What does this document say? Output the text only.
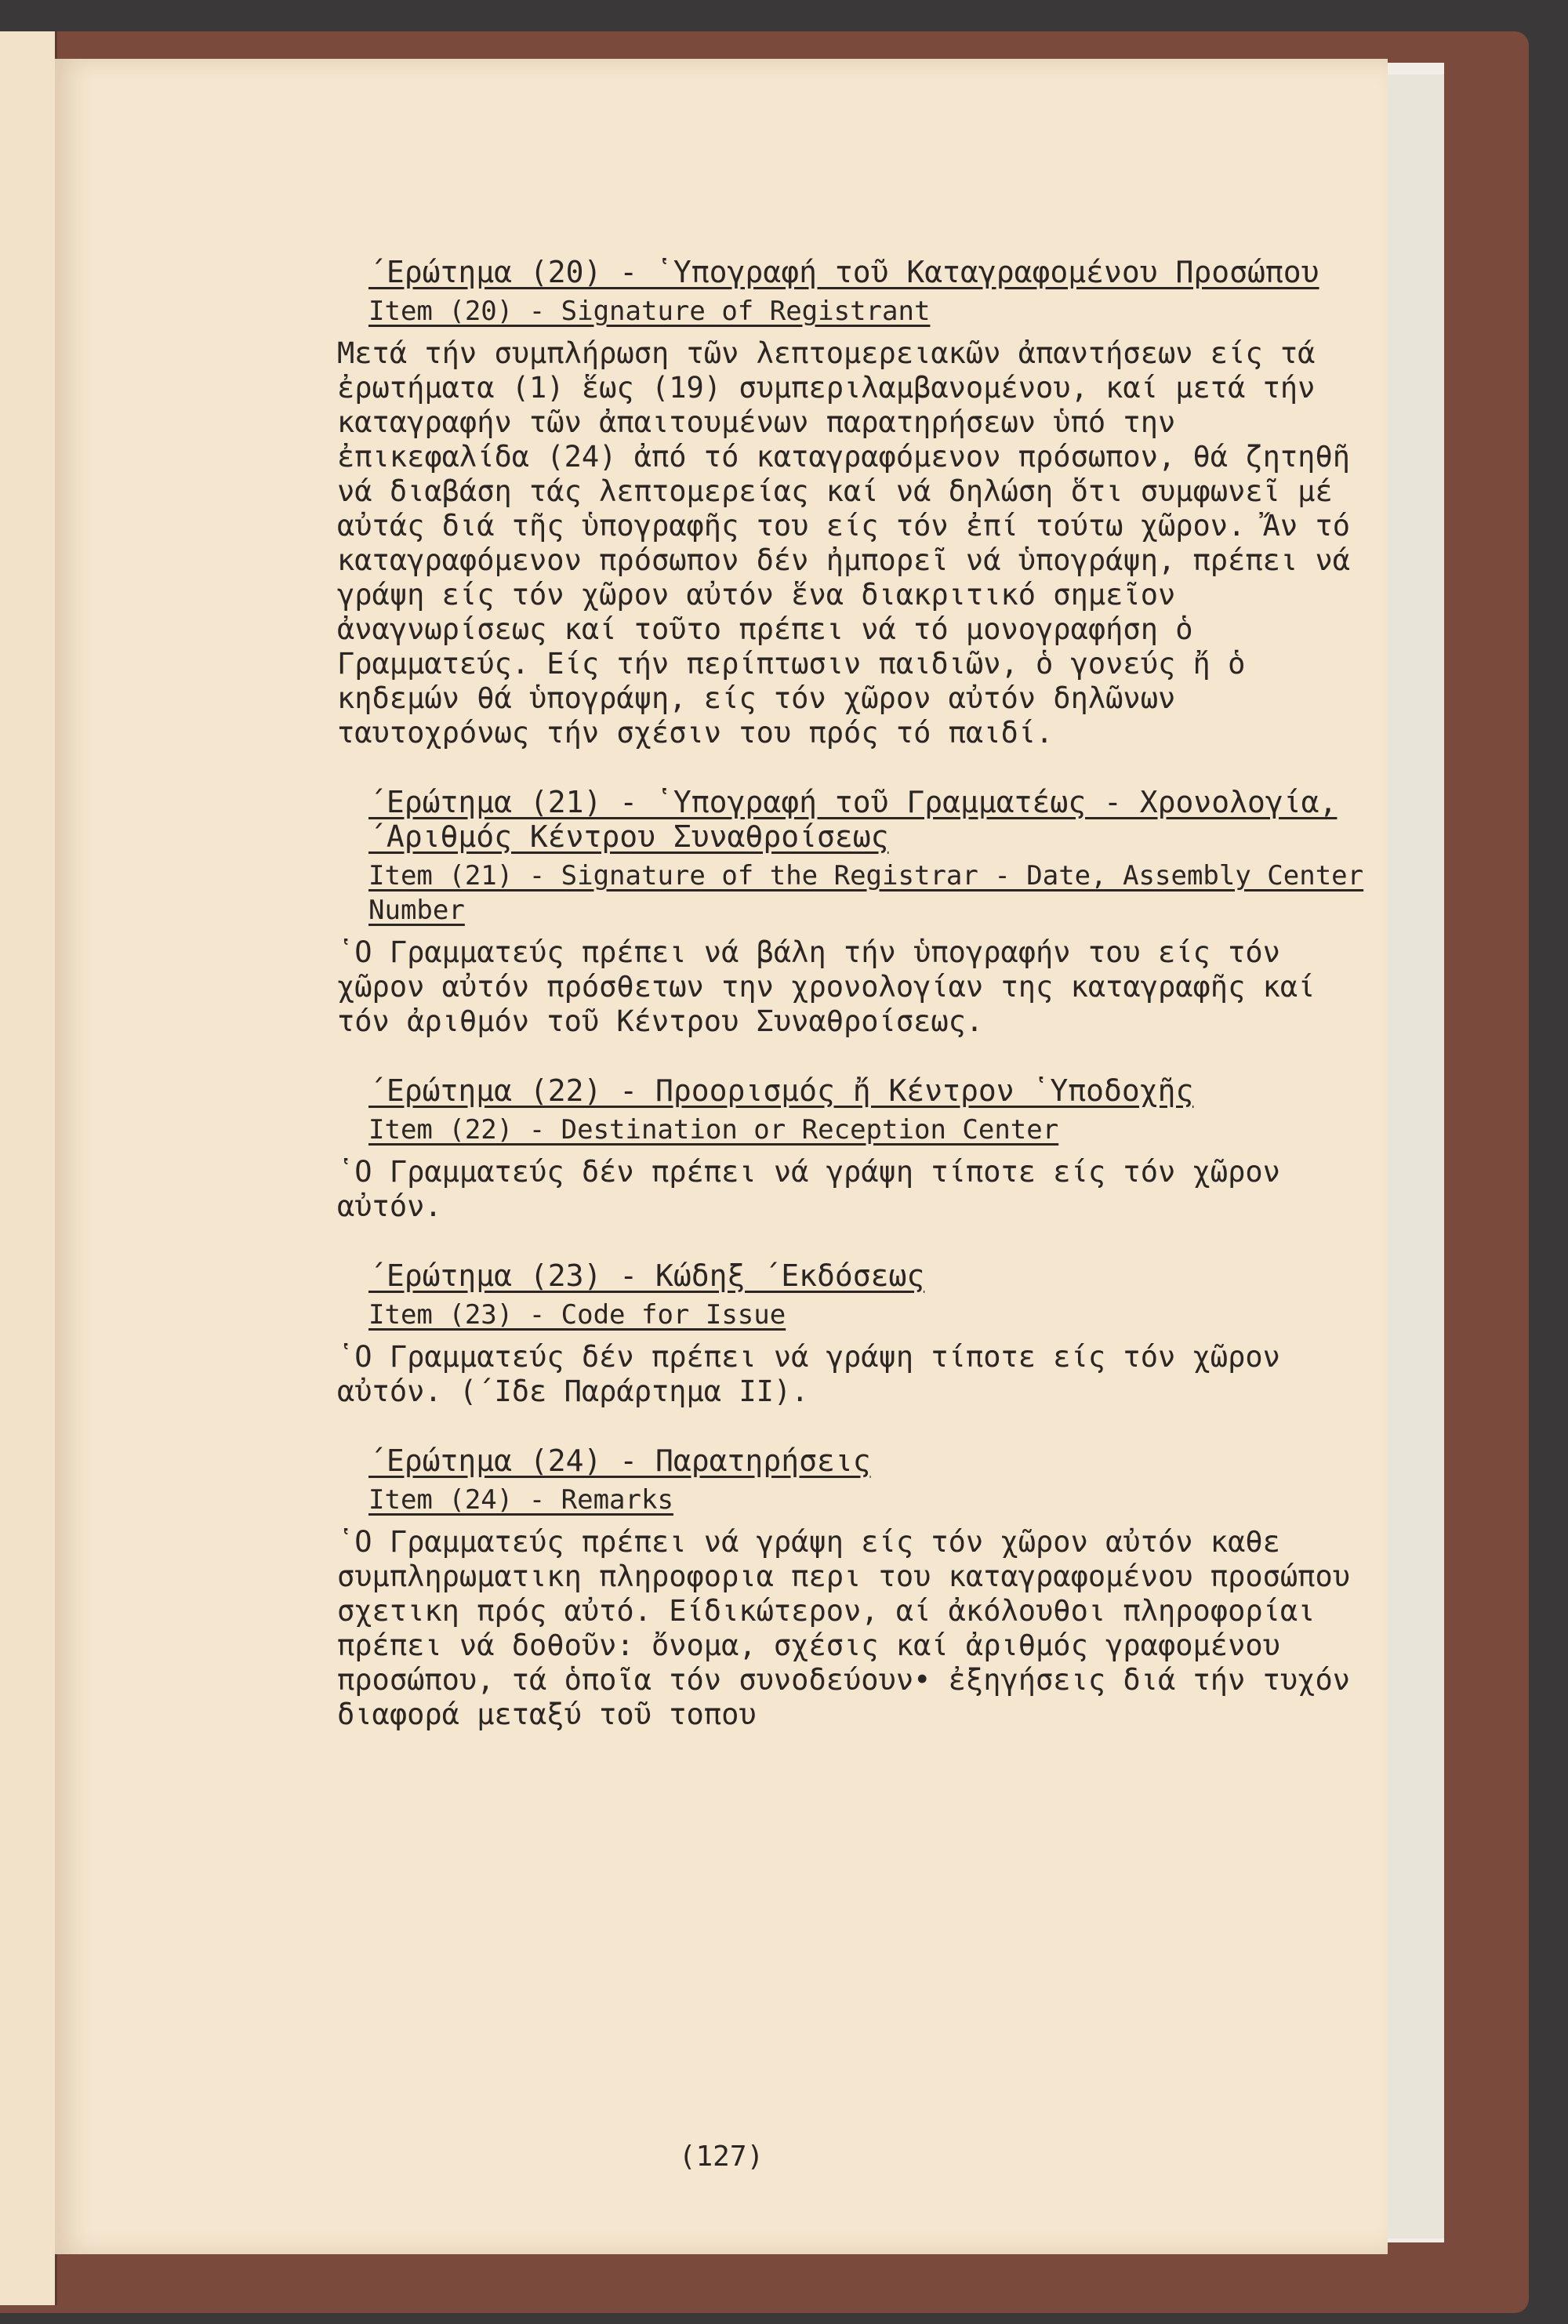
΄Ερώτημα (20) - ῾Υπογραφή τοῦ Καταγραφομένου Προσώπου

Item (20) - Signature of Registrant

Μετά τήν συμπλήρωση τῶν λεπτομερειακῶν ἀπαντήσεων είς τά ἐρωτήματα (1) ἕως (19) συμπεριλαμβανομένου, καί μετά τήν καταγραφήν τῶν ἀπαιτουμένων παρατηρήσεων ὑπό την ἐπικεφαλίδα (24) ἀπό τό καταγραφόμενον πρόσωπον, θά ζητηθῆ νά διαβάση τάς λεπτομερείας καί νά δηλώση ὅτι συμφωνεῖ μέ αὐτάς διά τῆς ὑπογραφῆς του είς τόν ἐπί τούτω χῶρον. Ἄν τό καταγραφόμενον πρόσωπον δέν ἠμπορεῖ νά ὑπογράψη, πρέπει νά γράψη είς τόν χῶρον αὐτόν ἕνα διακριτικό σημεῖον ἀναγνωρίσεως καί τοῦτο πρέπει νά τό μονογραφήση ὁ Γραμματεύς. Είς τήν περίπτωσιν παιδιῶν, ὁ γονεύς ἤ ὁ κηδεμών θά ὑπογράψη, είς τόν χῶρον αὐτόν δηλῶνων ταυτοχρόνως τήν σχέσιν του πρός τό παιδί.

΄Ερώτημα (21) - ῾Υπογραφή τοῦ Γραμματέως - Χρονολογία, ΄Αριθμός Κέντρου Συναθροίσεως

Item (21) - Signature of the Registrar - Date, Assembly Center Number

῾Ο Γραμματεύς πρέπει νά βάλη τήν ὑπογραφήν του είς τόν χῶρον αὐτόν πρόσθετων την χρονολογίαν της καταγραφῆς καί τόν ἀριθμόν τοῦ Κέντρου Συναθροίσεως.

΄Ερώτημα (22) - Προορισμός ἤ Κέντρον ῾Υποδοχῆς

Item (22) - Destination or Reception Center

῾Ο Γραμματεύς δέν πρέπει νά γράψη τίποτε είς τόν χῶρον αὐτόν.

΄Ερώτημα (23) - Κώδηξ ΄Εκδόσεως

Item (23) - Code for Issue

῾Ο Γραμματεύς δέν πρέπει νά γράψη τίποτε είς τόν χῶρον αὐτόν. (΄Ιδε Παράρτημα ΙΙ).

΄Ερώτημα (24) - Παρατηρήσεις

Item (24) - Remarks

῾Ο Γραμματεύς πρέπει νά γράψη είς τόν χῶρον αὐτόν καθε συμπληρωματικη πληροφορια περι του καταγραφομένου προσώπου σχετικη πρός αὐτό. Είδικώτερον, αί ἀκόλουθοι πληροφορίαι πρέπει νά δοθοῦν: ὄνομα, σχέσις καί ἀριθμός γραφομένου προσώπου, τά ὁποῖα τόν συνοδεύουν• ἐξηγήσεις διά τήν τυχόν διαφορά μεταξύ τοῦ τοπου

(127)
